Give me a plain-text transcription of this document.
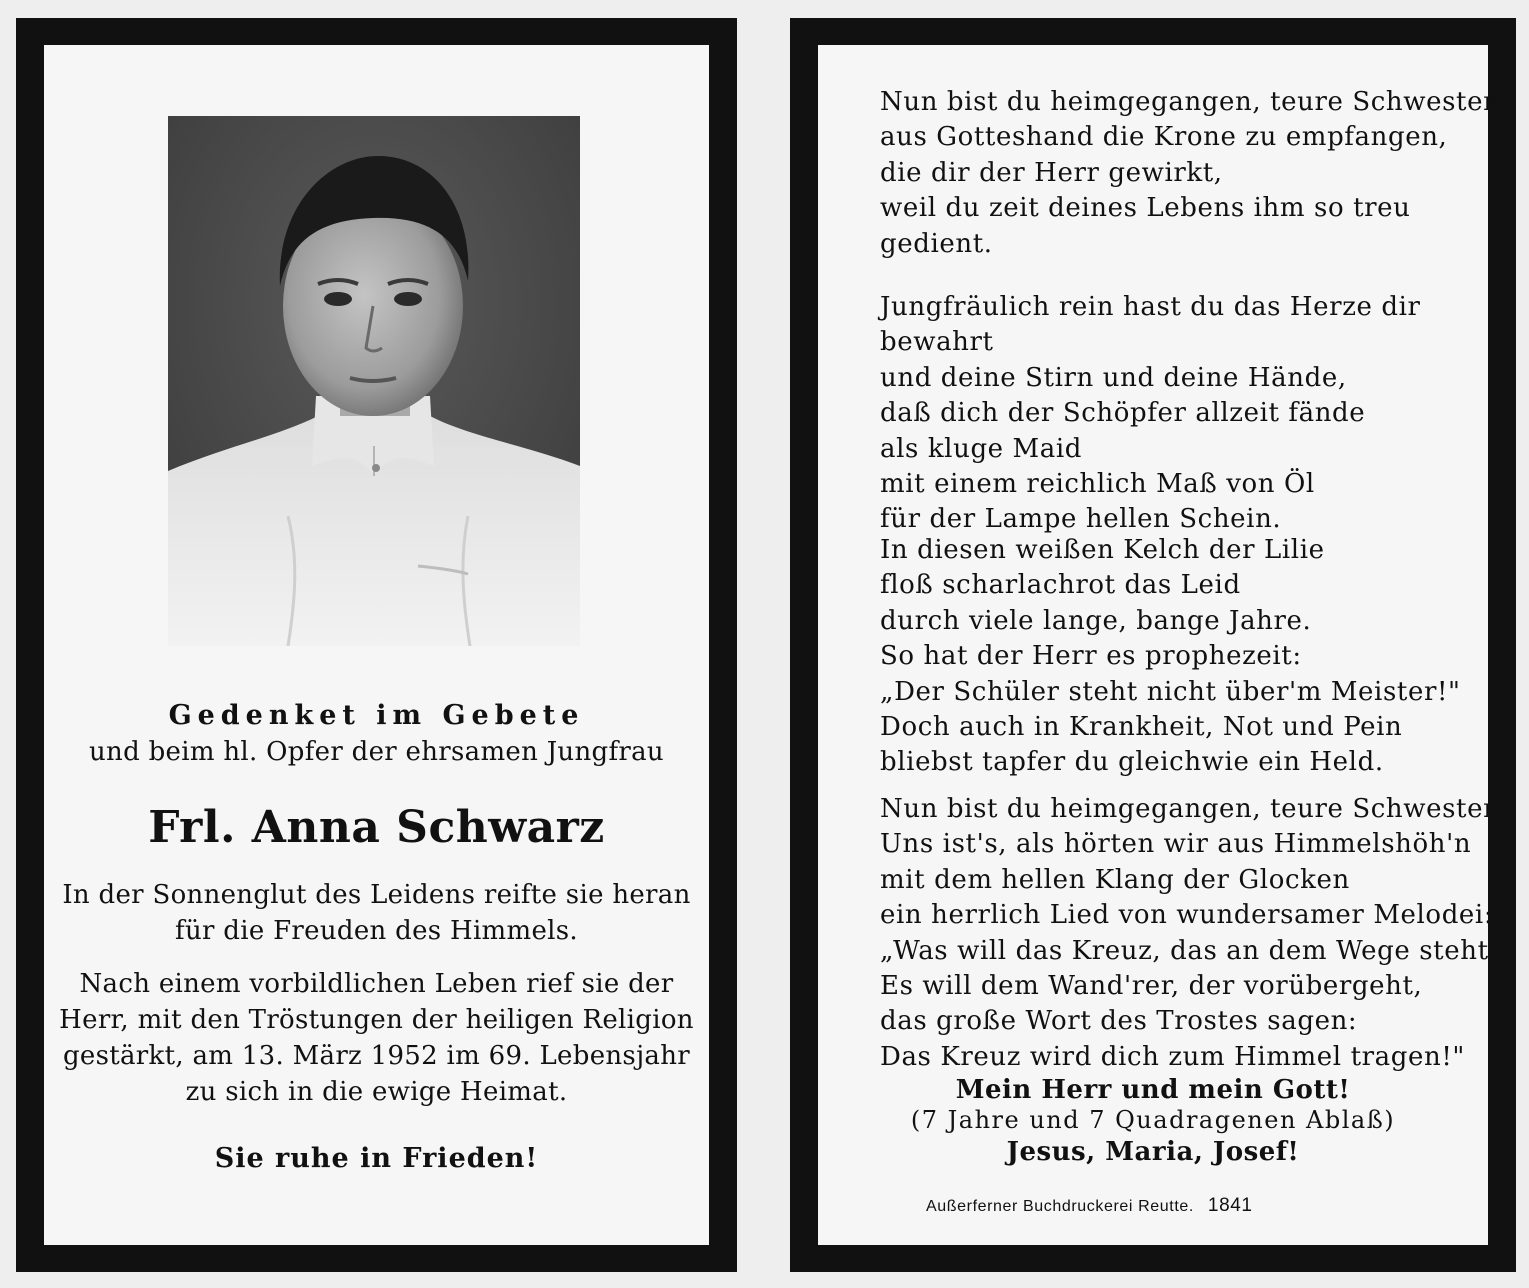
Gedenket im Gebete
und beim hl. Opfer der ehrsamen Jungfrau
Frl. Anna Schwarz
In der Sonnenglut des Leidens reifte sie heran
für die Freuden des Himmels.
Nach einem vorbildlichen Leben rief sie der
Herr, mit den Tröstungen der heiligen Religion
gestärkt, am 13. März 1952 im 69. Lebensjahr
zu sich in die ewige Heimat.
Sie ruhe in Frieden!
Nun bist du heimgegangen, teure Schwester,
aus Gotteshand die Krone zu empfangen,
die dir der Herr gewirkt,
weil du zeit deines Lebens ihm so treu
gedient.
Jungfräulich rein hast du das Herze dir
bewahrt
und deine Stirn und deine Hände,
daß dich der Schöpfer allzeit fände
als kluge Maid
mit einem reichlich Maß von Öl
für der Lampe hellen Schein.
In diesen weißen Kelch der Lilie
floß scharlachrot das Leid
durch viele lange, bange Jahre.
So hat der Herr es prophezeit:
„Der Schüler steht nicht über'm Meister!"
Doch auch in Krankheit, Not und Pein
bliebst tapfer du gleichwie ein Held.
Nun bist du heimgegangen, teure Schwester!
Uns ist's, als hörten wir aus Himmelshöh'n
mit dem hellen Klang der Glocken
ein herrlich Lied von wundersamer Melodei:
„Was will das Kreuz, das an dem Wege steht?
Es will dem Wand'rer, der vorübergeht,
das große Wort des Trostes sagen:
Das Kreuz wird dich zum Himmel tragen!"
Mein Herr und mein Gott!
(7 Jahre und 7 Quadragenen Ablaß)
Jesus, Maria, Josef!
Außerferner Buchdruckerei Reutte. 1841
